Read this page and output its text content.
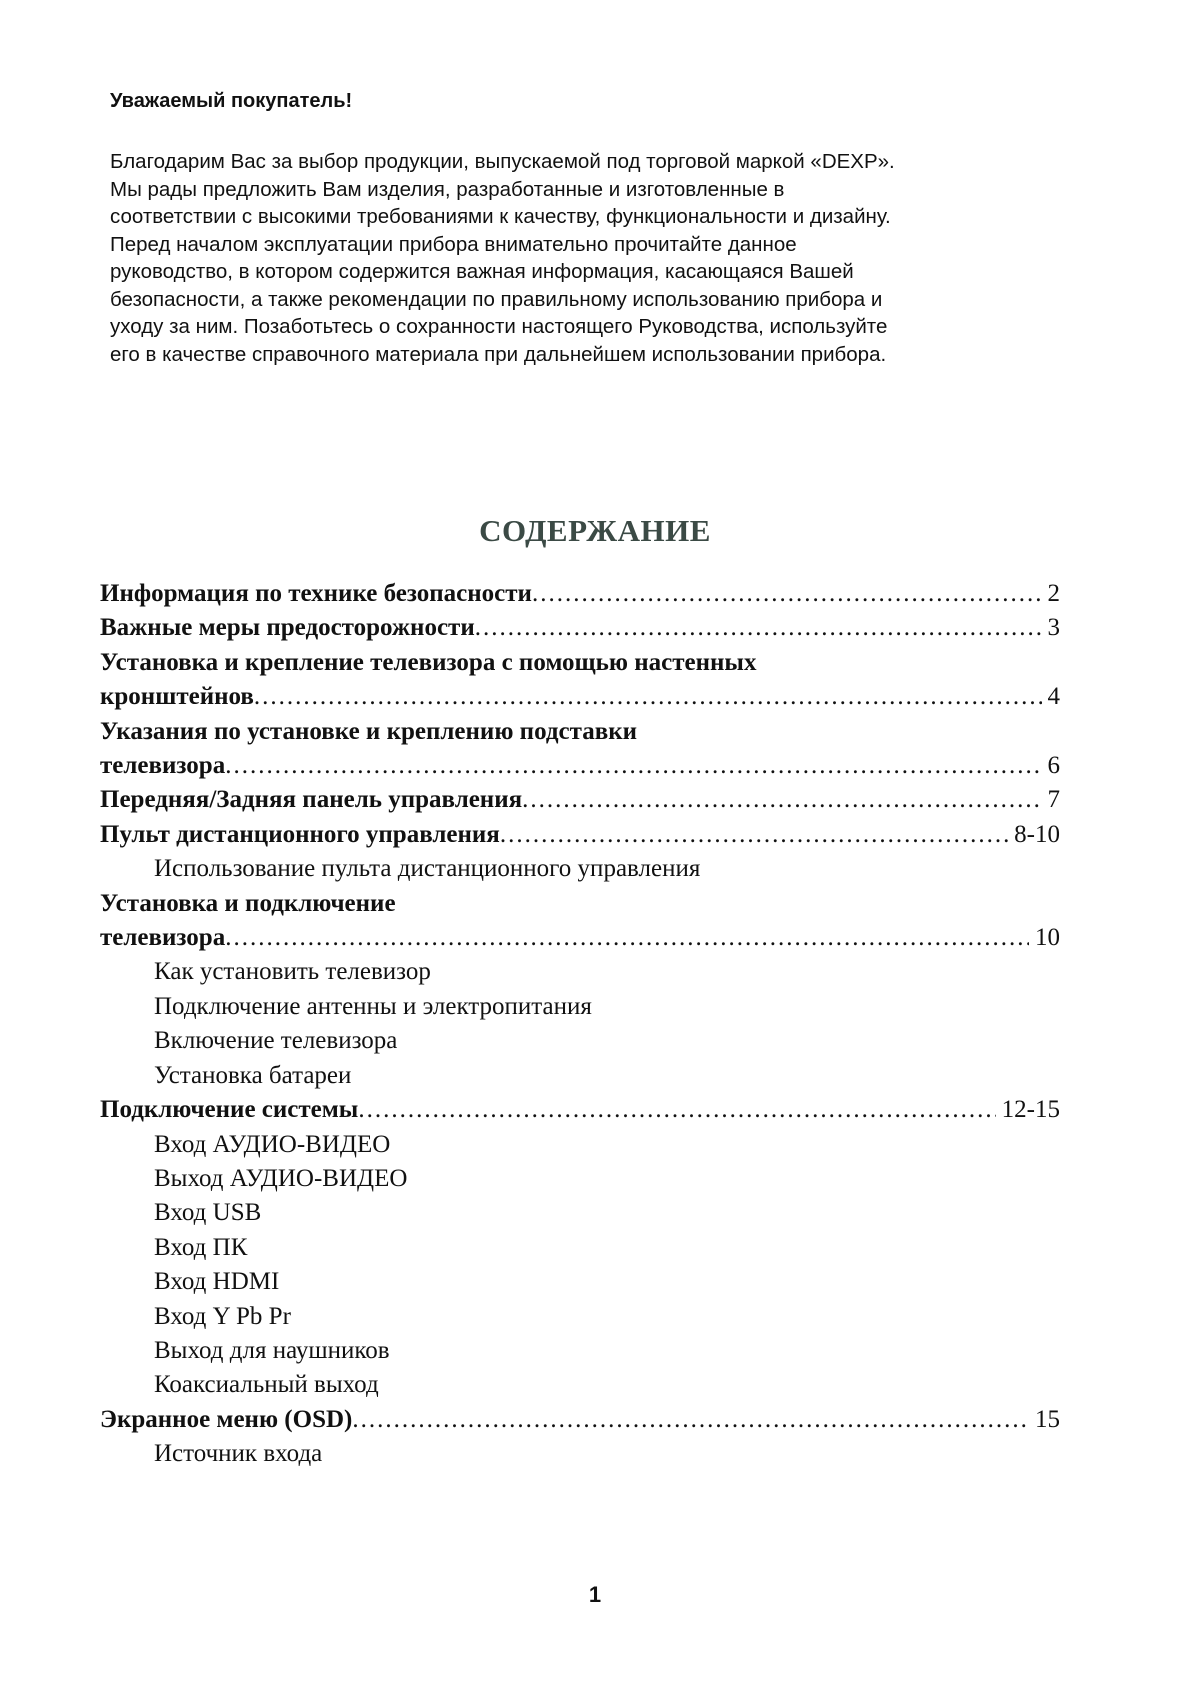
Уважаемый покупатель!
Благодарим Вас за выбор продукции, выпускаемой под торговой маркой «DEXP».
Мы рады предложить Вам изделия, разработанные и изготовленные в
соответствии с высокими требованиями к качеству, функциональности и дизайну.
Перед началом эксплуатации прибора внимательно прочитайте данное
руководство, в котором содержится важная информация, касающаяся Вашей
безопасности, а также рекомендации по правильному использованию прибора и
уходу за ним. Позаботьтесь о сохранности настоящего Руководства, используйте
его в качестве справочного материала при дальнейшем использовании прибора.
СОДЕРЖАНИЕ
Информация по технике безопасности .....	2
Важные меры предосторожности .....	3
Установка и крепление телевизора с помощью настенных
кронштейнов .....	4
Указания по установке и креплению подставки
телевизора .....	6
Передняя/Задняя панель управления .....	7
Пульт дистанционного управления .....	8-10
Использование пульта дистанционного управления
Установка и подключение
телевизора .....	10
Как установить телевизор
Подключение антенны и электропитания
Включение телевизора
Установка батареи
Подключение системы .....	12-15
Вход АУДИО-ВИДЕО
Выход АУДИО-ВИДЕО
Вход USB
Вход ПК
Вход HDMI
Вход Y Pb Pr
Выход для наушников
Коаксиальный выход
Экранное меню (OSD) .....	15
Источник входа
1
